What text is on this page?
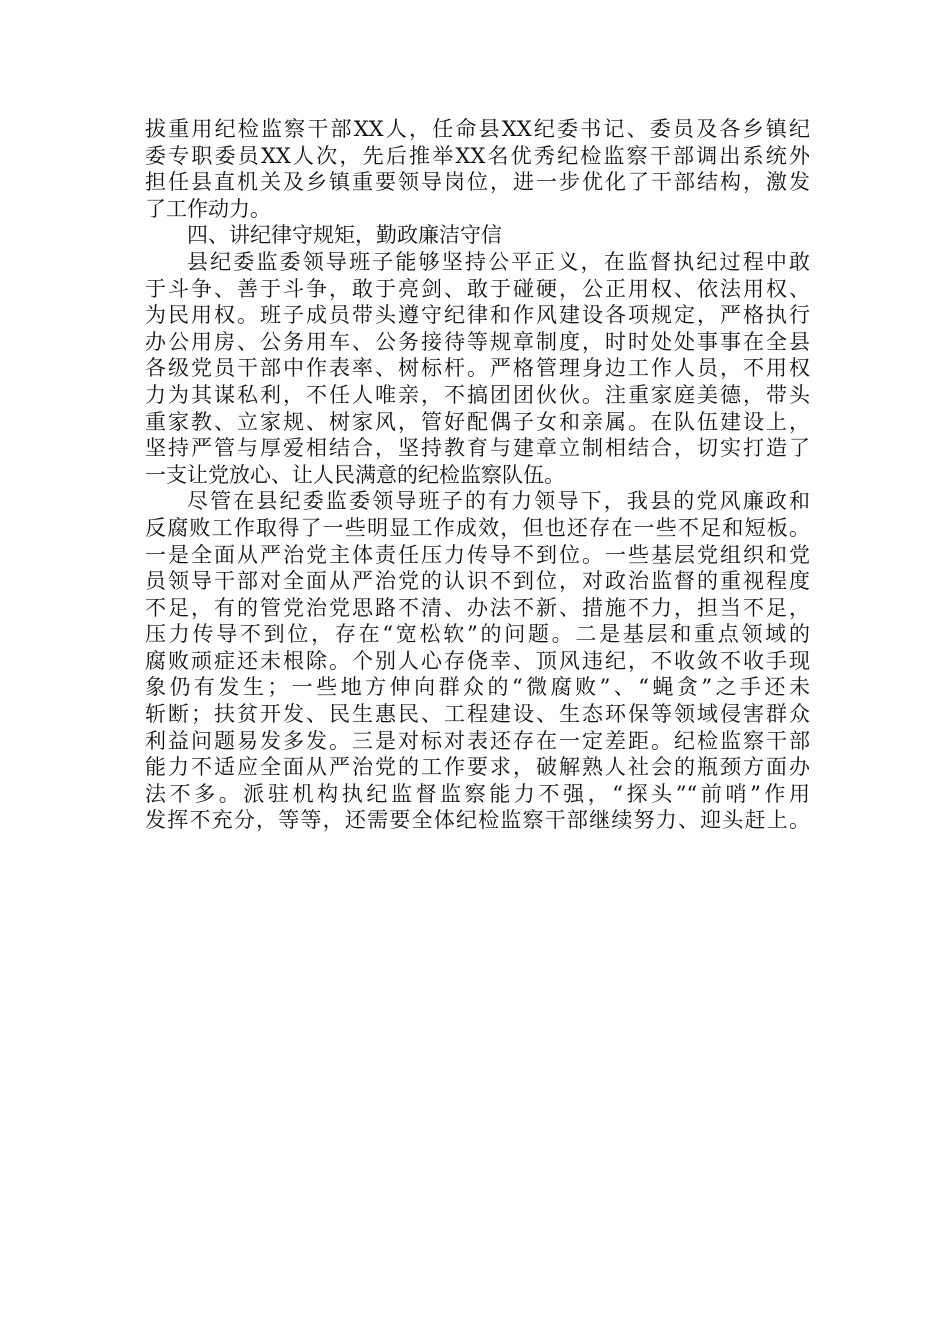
拔重用纪检监察干部XX人，任命县XX纪委书记、委员及各乡镇纪
委专职委员XX人次，先后推举XX名优秀纪检监察干部调出系统外
担任县直机关及乡镇重要领导岗位，进一步优化了干部结构，激发
了工作动力。
四、讲纪律守规矩，勤政廉洁守信
县纪委监委领导班子能够坚持公平正义，在监督执纪过程中敢
于斗争、善于斗争，敢于亮剑、敢于碰硬，公正用权、依法用权、
为民用权。班子成员带头遵守纪律和作风建设各项规定，严格执行
办公用房、公务用车、公务接待等规章制度，时时处处事事在全县
各级党员干部中作表率、树标杆。严格管理身边工作人员，不用权
力为其谋私利，不任人唯亲，不搞团团伙伙。注重家庭美德，带头
重家教、立家规、树家风，管好配偶子女和亲属。在队伍建设上，
坚持严管与厚爱相结合，坚持教育与建章立制相结合，切实打造了
一支让党放心、让人民满意的纪检监察队伍。
尽管在县纪委监委领导班子的有力领导下，我县的党风廉政和
反腐败工作取得了一些明显工作成效，但也还存在一些不足和短板。
一是全面从严治党主体责任压力传导不到位。一些基层党组织和党
员领导干部对全面从严治党的认识不到位，对政治监督的重视程度
不足，有的管党治党思路不清、办法不新、措施不力，担当不足，
压力传导不到位，存在“宽松软”的问题。二是基层和重点领域的
腐败顽症还未根除。个别人心存侥幸、顶风违纪，不收敛不收手现
象仍有发生；一些地方伸向群众的“微腐败”、“蝇贪”之手还未
斩断；扶贫开发、民生惠民、工程建设、生态环保等领域侵害群众
利益问题易发多发。三是对标对表还存在一定差距。纪检监察干部
能力不适应全面从严治党的工作要求，破解熟人社会的瓶颈方面办
法不多。派驻机构执纪监督监察能力不强，“探头”“前哨”作用
发挥不充分，等等，还需要全体纪检监察干部继续努力、迎头赶上。
